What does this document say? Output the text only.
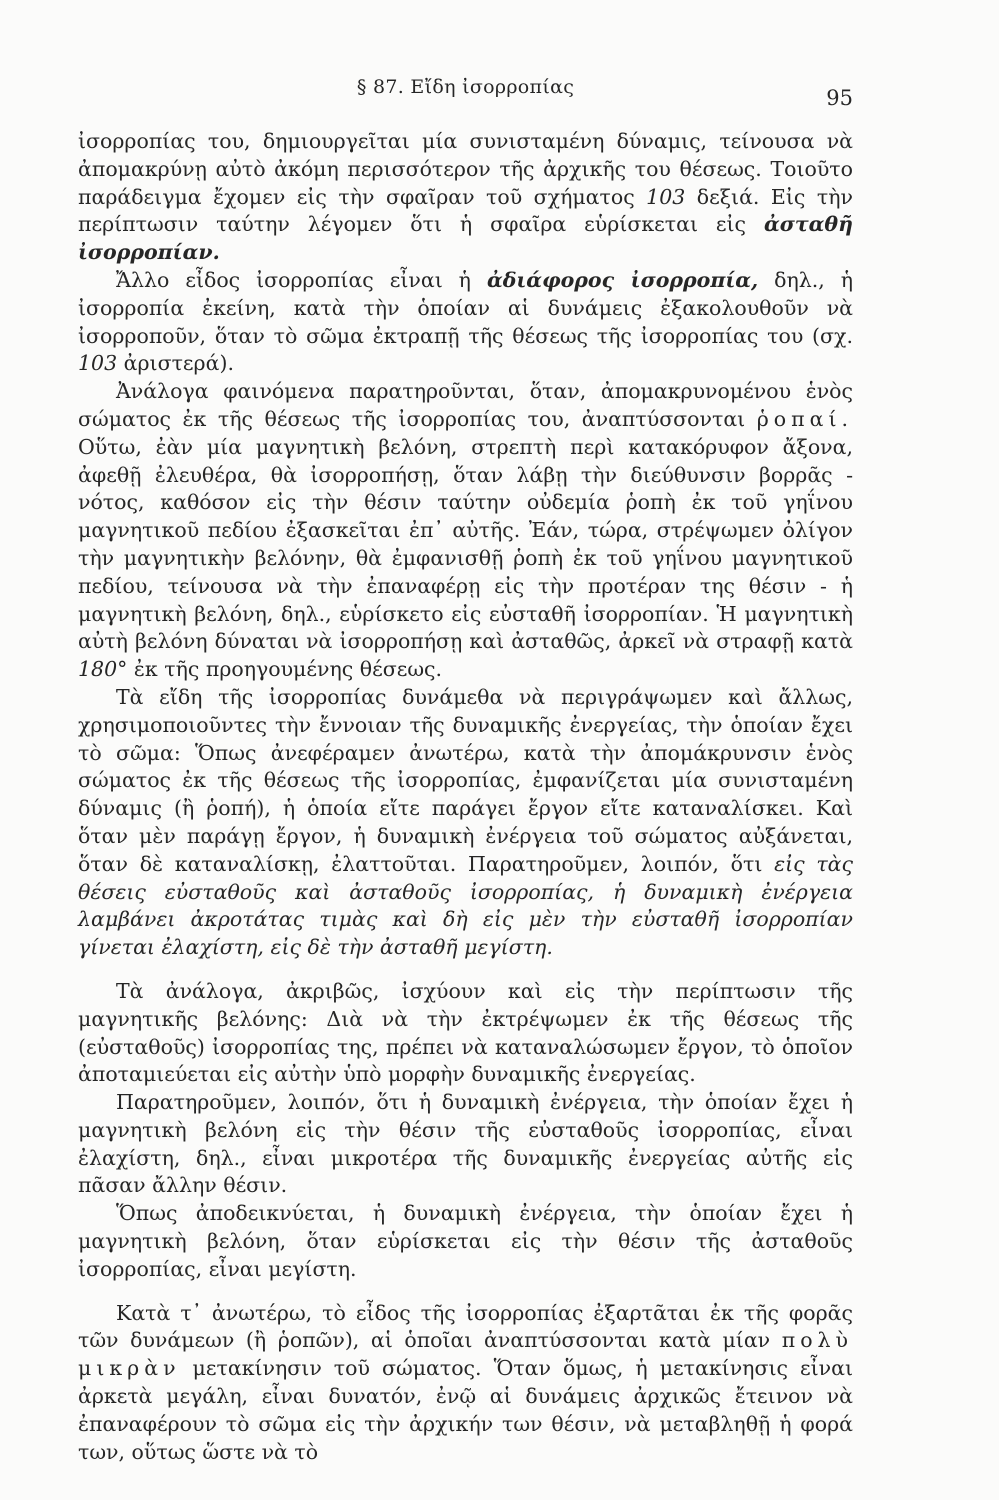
§ 87. Εἴδη ἰσορροπίας	95

ἰσορροπίας του, δημιουργεῖται μία συνισταμένη δύναμις, τείνουσα νὰ ἀπομακρύνῃ αὐτὸ ἀκόμη περισσότερον τῆς ἀρχικῆς του θέσεως. Τοιοῦτο παράδειγμα ἔχομεν εἰς τὴν σφαῖραν τοῦ σχήματος 103 δεξιά. Εἰς τὴν περίπτωσιν ταύτην λέγομεν ὅτι ἡ σφαῖρα εὑρίσκεται εἰς ἀσταθῆ ἰσορροπίαν.

Ἄλλο εἶδος ἰσορροπίας εἶναι ἡ ἀδιάφορος ἰσορροπία, δηλ., ἡ ἰσορροπία ἐκείνη, κατὰ τὴν ὁποίαν αἱ δυνάμεις ἐξακολουθοῦν νὰ ἰσορροποῦν, ὅταν τὸ σῶμα ἐκτραπῇ τῆς θέσεως τῆς ἰσορροπίας του (σχ. 103 ἀριστερά).

Ἀνάλογα φαινόμενα παρατηροῦνται, ὅταν, ἀπομακρυνομένου ἑνὸς σώματος ἐκ τῆς θέσεως τῆς ἰσορροπίας του, ἀναπτύσσονται ῥοπαί. Οὕτω, ἐὰν μία μαγνητικὴ βελόνη, στρεπτὴ περὶ κατακόρυφον ἄξονα, ἀφεθῇ ἐλευθέρα, θὰ ἰσορροπήσῃ, ὅταν λάβῃ τὴν διεύθυνσιν βορρᾶς - νότος, καθόσον εἰς τὴν θέσιν ταύτην οὐδεμία ῥοπὴ ἐκ τοῦ γηΐνου μαγνητικοῦ πεδίου ἐξασκεῖται ἐπ᾽ αὐτῆς. Ἐάν, τώρα, στρέψωμεν ὀλίγον τὴν μαγνητικὴν βελόνην, θὰ ἐμφανισθῇ ῥοπὴ ἐκ τοῦ γηΐνου μαγνητικοῦ πεδίου, τείνουσα νὰ τὴν ἐπαναφέρῃ εἰς τὴν προτέραν της θέσιν - ἡ μαγνητικὴ βελόνη, δηλ., εὑρίσκετο εἰς εὐσταθῆ ἰσορροπίαν. Ἡ μαγνητικὴ αὐτὴ βελόνη δύναται νὰ ἰσορροπήσῃ καὶ ἀσταθῶς, ἀρκεῖ νὰ στραφῇ κατὰ 180° ἐκ τῆς προηγουμένης θέσεως.

Τὰ εἴδη τῆς ἰσορροπίας δυνάμεθα νὰ περιγράψωμεν καὶ ἄλλως, χρησιμοποιοῦντες τὴν ἔννοιαν τῆς δυναμικῆς ἐνεργείας, τὴν ὁποίαν ἔχει τὸ σῶμα: Ὅπως ἀνεφέραμεν ἀνωτέρω, κατὰ τὴν ἀπομάκρυνσιν ἑνὸς σώματος ἐκ τῆς θέσεως τῆς ἰσορροπίας, ἐμφανίζεται μία συνισταμένη δύναμις (ἢ ῥοπή), ἡ ὁποία εἴτε παράγει ἔργον εἴτε καταναλίσκει. Καὶ ὅταν μὲν παράγῃ ἔργον, ἡ δυναμικὴ ἐνέργεια τοῦ σώματος αὐξάνεται, ὅταν δὲ καταναλίσκῃ, ἐλαττοῦται. Παρατηροῦμεν, λοιπόν, ὅτι εἰς τὰς θέσεις εὐσταθοῦς καὶ ἀσταθοῦς ἰσορροπίας, ἡ δυναμικὴ ἐνέργεια λαμβάνει ἀκροτάτας τιμὰς καὶ δὴ εἰς μὲν τὴν εὐσταθῆ ἰσορροπίαν γίνεται ἐλαχίστη, εἰς δὲ τὴν ἀσταθῆ μεγίστη.

Τὰ ἀνάλογα, ἀκριβῶς, ἰσχύουν καὶ εἰς τὴν περίπτωσιν τῆς μαγνητικῆς βελόνης: Διὰ νὰ τὴν ἐκτρέψωμεν ἐκ τῆς θέσεως τῆς (εὐσταθοῦς) ἰσορροπίας της, πρέπει νὰ καταναλώσωμεν ἔργον, τὸ ὁποῖον ἀποταμιεύεται εἰς αὐτὴν ὑπὸ μορφὴν δυναμικῆς ἐνεργείας.

Παρατηροῦμεν, λοιπόν, ὅτι ἡ δυναμικὴ ἐνέργεια, τὴν ὁποίαν ἔχει ἡ μαγνητικὴ βελόνη εἰς τὴν θέσιν τῆς εὐσταθοῦς ἰσορροπίας, εἶναι ἐλαχίστη, δηλ., εἶναι μικροτέρα τῆς δυναμικῆς ἐνεργείας αὐτῆς εἰς πᾶσαν ἄλλην θέσιν.

Ὅπως ἀποδεικνύεται, ἡ δυναμικὴ ἐνέργεια, τὴν ὁποίαν ἔχει ἡ μαγνητικὴ βελόνη, ὅταν εὑρίσκεται εἰς τὴν θέσιν τῆς ἀσταθοῦς ἰσορροπίας, εἶναι μεγίστη.

Κατὰ τ᾽ ἀνωτέρω, τὸ εἶδος τῆς ἰσορροπίας ἐξαρτᾶται ἐκ τῆς φορᾶς τῶν δυνάμεων (ἢ ῥοπῶν), αἱ ὁποῖαι ἀναπτύσσονται κατὰ μίαν πολὺ μικρὰν μετακίνησιν τοῦ σώματος. Ὅταν ὅμως, ἡ μετακίνησις εἶναι ἀρκετὰ μεγάλη, εἶναι δυνατόν, ἐνῷ αἱ δυνάμεις ἀρχικῶς ἔτεινον νὰ ἐπαναφέρουν τὸ σῶμα εἰς τὴν ἀρχικήν των θέσιν, νὰ μεταβληθῇ ἡ φορά των, οὕτως ὥστε νὰ τὸ
